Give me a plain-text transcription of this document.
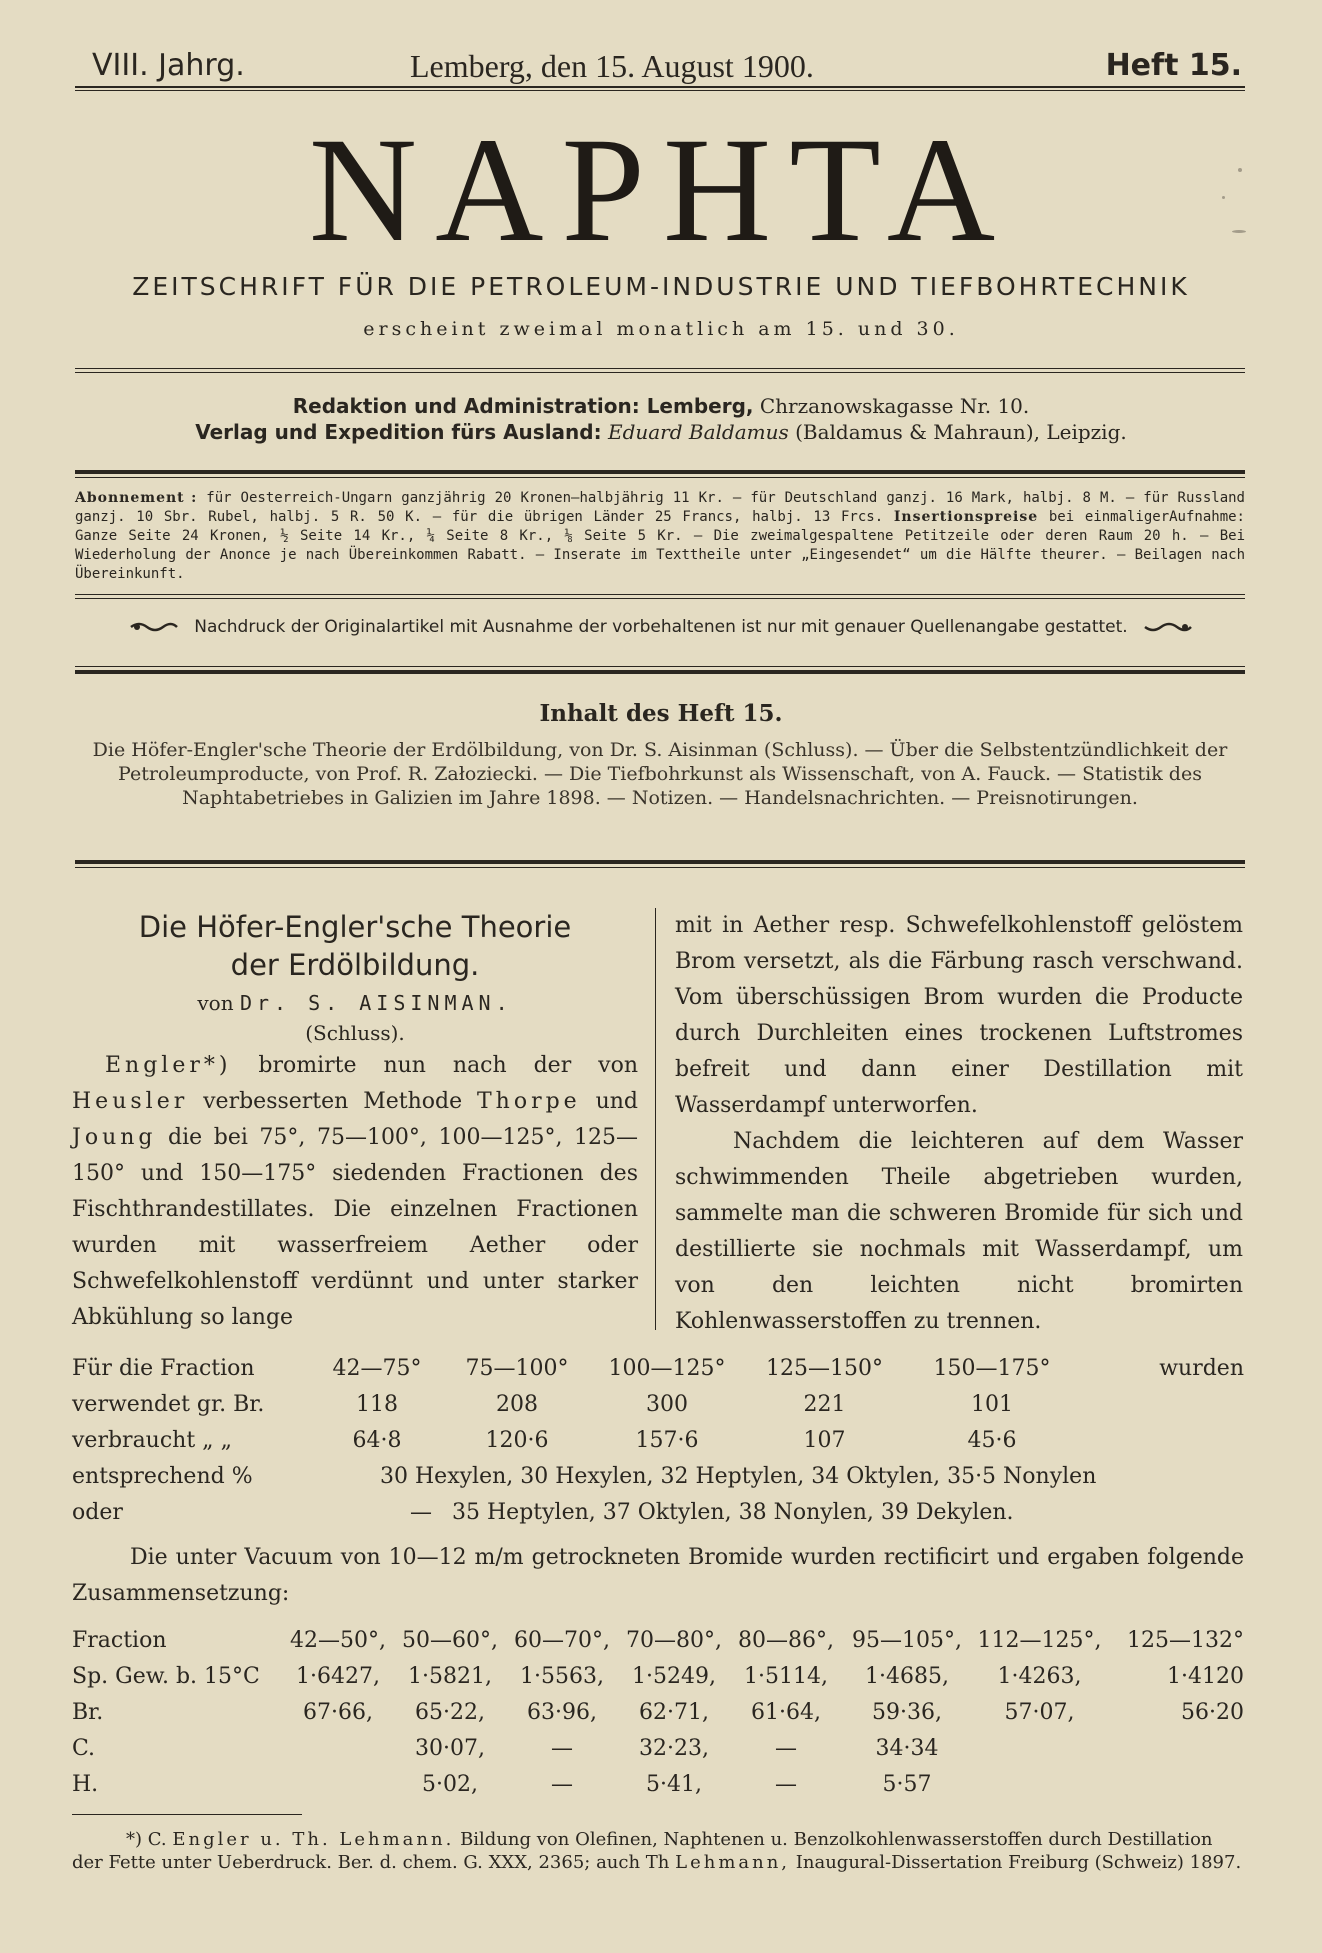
VIII. Jahrg.	Lemberg, den 15. August 1900.	Heft 15.
NAPHTA
ZEITSCHRIFT FÜR DIE PETROLEUM-INDUSTRIE UND TIEFBOHRTECHNIK
erscheint zweimal monatlich am 15. und 30.
Redaktion und Administration: Lemberg, Chrzanowskagasse Nr. 10.
Verlag und Expedition fürs Ausland: Eduard Baldamus (Baldamus & Mahraun), Leipzig.
Abonnement : für Oesterreich-Ungarn ganzjährig 20 Kronen—halbjährig 11 Kr. — für Deutschland ganzj. 16 Mark, halbj. 8 M. — für Russland ganzj. 10 Sbr. Rubel, halbj. 5 R. 50 K. — für die übrigen Länder 25 Francs, halbj. 13 Frcs. Insertionspreise bei einmaligerAufnahme: Ganze Seite 24 Kronen, ½ Seite 14 Kr., ¼ Seite 8 Kr., ⅛ Seite 5 Kr. — Die zweimalgespaltene Petitzeile oder deren Raum 20 h. — Bei Wiederholung der Anonce je nach Übereinkommen Rabatt. — Inserate im Texttheile unter „Eingesendet“ um die Hälfte theurer. — Beilagen nach Übereinkunft.
Nachdruck der Originalartikel mit Ausnahme der vorbehaltenen ist nur mit genauer Quellenangabe gestattet.
Inhalt des Heft 15.
Die Höfer-Engler'sche Theorie der Erdölbildung, von Dr. S. Aisinman (Schluss). — Über die Selbstentzündlichkeit der Petroleumproducte, von Prof. R. Załoziecki. — Die Tiefbohrkunst als Wissenschaft, von A. Fauck. — Statistik des Naphtabetriebes in Galizien im Jahre 1898. — Notizen. — Handelsnachrichten. — Preisnotirungen.
Die Höfer-Engler'sche Theorie
der Erdölbildung.
von Dr. S. AISINMAN.
(Schluss).

  Engler*) bromirte nun nach der von Heusler verbesserten Methode Thorpe und Joung die bei 75°, 75—100°, 100—125°, 125—150° und 150—175° siedenden Fractionen des Fischthrandestillates. Die einzelnen Fractionen wurden mit wasserfreiem Aether oder Schwefelkohlenstoff verdünnt und unter starker Abkühlung so lange

mit in Aether resp. Schwefelkohlenstoff gelöstem Brom versetzt, als die Färbung rasch verschwand. Vom überschüssigen Brom wurden die Producte durch Durchleiten eines trockenen Luftstromes befreit und dann einer Destillation mit Wasserdampf unterworfen.

Nachdem die leichteren auf dem Wasser schwimmenden Theile abgetrieben wurden, sammelte man die schweren Bromide für sich und destillierte sie nochmals mit Wasserdampf, um von den leichten nicht bromirten Kohlenwasserstoffen zu trennen.

Für die Fraction	42—75°	75—100°	100—125°	125—150°	150—175°	wurden
verwendet gr. Br.	118	208	300	221	101	
verbraucht „ „	64·8	120·6	157·6	107	45·6	
entsprechend %	30 Hexylen, 30 Hexylen, 32 Heptylen, 34 Oktylen, 35·5 Nonylen					
oder	—	35 Heptylen, 37 Oktylen, 38 Nonylen, 39 Dekylen.				
Die unter Vacuum von 10—12 m/m getrockneten Bromide wurden rectificirt und ergaben folgende Zusammensetzung:
Fraction	42—50°,	50—60°,	60—70°,	70—80°,	80—86°,	95—105°,	112—125°,	125—132°
Sp. Gew. b. 15°C	1·6427,	1·5821,	1·5563,	1·5249,	1·5114,	1·4685,	1·4263,	1·4120
Br.	67·66,	65·22,	63·96,	62·71,	61·64,	59·36,	57·07,	56·20
C.		30·07,	—	32·23,	—	34·34		
H.		5·02,	—	5·41,	—	5·57		
   *) C. Engler u. Th. Lehmann. Bildung von Olefinen, Naphtenen u. Benzolkohlenwasserstoffen durch Destillation der Fette unter Ueberdruck. Ber. d. chem. G. XXX, 2365; auch Th Lehmann, Inaugural-Dissertation Freiburg (Schweiz) 1897.
